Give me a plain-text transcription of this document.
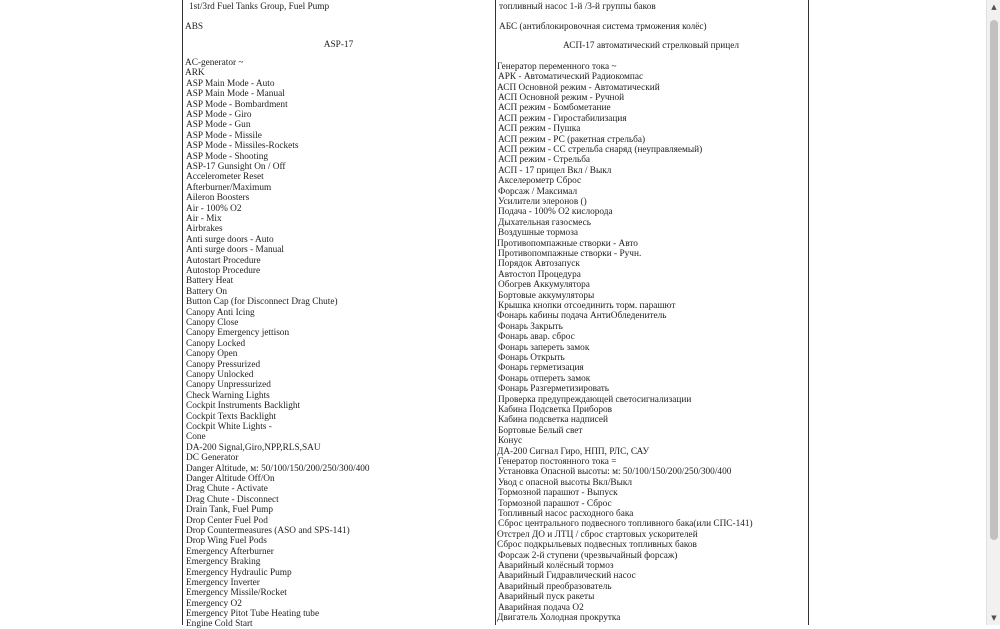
1st/3rd Fuel Tanks Group, Fuel Pump
ABS
ASP-17
AC-generator ~
ARK
ASP Main Mode - Auto
ASP Main Mode - Manual
ASP Mode - Bombardment
ASP Mode - Giro
ASP Mode - Gun
ASP Mode - Missile
ASP Mode - Missiles-Rockets
ASP Mode - Shooting
ASP-17 Gunsight On / Off
Accelerometer Reset
Afterburner/Maximum
Aileron Boosters
Air - 100% O2
Air - Mix
Airbrakes
Anti surge doors - Auto
Anti surge doors - Manual
Autostart Procedure
Autostop Procedure
Battery Heat
Battery On
Button Cap (for Disconnect Drag Chute)
Canopy Anti Icing
Canopy Close
Canopy Emergency jettison
Canopy Locked
Canopy Open
Canopy Pressurized
Canopy Unlocked
Canopy Unpressurized
Check Warning Lights
Cockpit Instruments Backlight
Cockpit Texts Backlight
Cockpit White Lights -
Cone
DA-200 Signal,Giro,NPP,RLS,SAU
DC Generator
Danger Altitude, м: 50/100/150/200/250/300/400
Danger Altitude Off/On
Drag Chute - Activate
Drag Chute - Disconnect
Drain Tank, Fuel Pump
Drop Center Fuel Pod
Drop Countermeasures (ASO and SPS-141)
Drop Wing Fuel Pods
Emergency Afterburner
Emergency Braking
Emergency Hydraulic Pump
Emergency Inverter
Emergency Missile/Rocket
Emergency O2
Emergency Pitot Tube Heating tube
Engine Cold Start
топливный насос 1-й /3-й группы баков
АБС (антиблокировочная система трможения колёс)
АСП-17 автоматический стрелковый прицел
Генератор переменного тока ~
АРК - Автоматический Радиокомпас
АСП Основной режим - Автоматический
АСП Основной режим - Ручной
АСП режим - Бомбометание
АСП режим - Гиростабилизация
АСП режим - Пушка
АСП режим - РС (ракетная стрельба)
АСП режим - СС стрельба снаряд (неуправляемый)
АСП режим - Стрельба
АСП - 17 прицел Вкл / Выкл
Акселерометр Сброс
Форсаж / Максимал
Усилители элеронов ()
Подача - 100% О2 кислорода
Дыхательная газосмесь
Воздушные тормоза
Противопомпажные створки - Авто
Противопомпажные створки - Ручн.
Порядок Автозапуск
Автостоп Процедура
Обогрев Аккумулятора
Бортовые аккумуляторы
Крышка кнопки отсоединить торм. парашют
Фонарь кабины подача АнтиОбледенитель
Фонарь Закрыть
Фонарь авар. сброс
Фонарь запереть замок
Фонарь Открыть
Фонарь герметизация
Фонарь отпереть замок
Фонарь Разгерметизировать
Проверка предупреждающей светосигнализации
Кабина Подсветка Приборов
Кабина подсветка надписей
Бортовые Белый свет
Конус
ДА-200 Сигнал Гиро, НПП, РЛС, САУ
Генератор постоянного тока =
Установка Опасной высоты: м: 50/100/150/200/250/300/400
Увод с опасной высоты Вкл/Выкл
Тормозной парашют - Выпуск
Тормозной парашют - Сброс
Топливный насос расходного бака
Сброс центрального подвесного топливного бака(или СПС-141)
Отстрел ДО и ЛТЦ / сброс стартовых ускорителей
Сброс подкрыльевых подвесных топливных баков
Форсаж 2-й ступени (чрезвычайный форсаж)
Аварийный колёсный тормоз
Аварийный Гидравлический насос
Аварийный преобразователь
Аварийный пуск ракеты
Аварийная подача О2
Двигатель Холодная прокрутка
▲
▼
